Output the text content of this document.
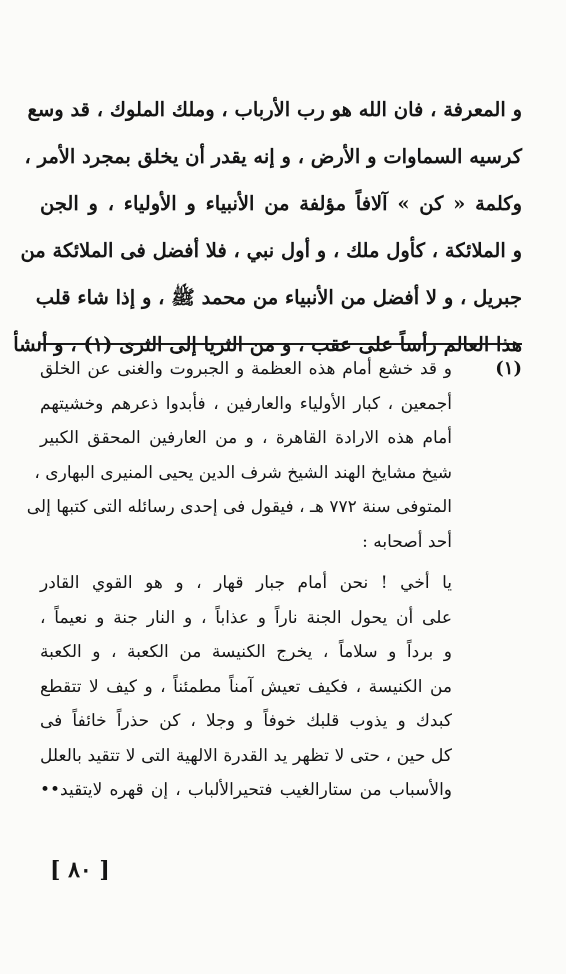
و المعرفة ، فان الله هو رب الأرباب ، وملك الملوك ، قد وسع
كرسيه السماوات و الأرض ، و إنه يقدر أن يخلق بمجرد الأمر ،
وكلمة « كن » آلافاً مؤلفة من الأنبياء و الأولياء ، و الجن
و الملائكة ، كأول ملك ، و أول نبي ، فلا أفضل فى الملائكة من
جبريل ، و لا أفضل من الأنبياء من محمد ﷺ ، و إذا شاء قلب
هذا العالم رأساً على عقب ، و من الثريا إلى الثرى (١) ، و أنشأ
(١)
و قد خشع أمام هذه العظمة و الجبروت والغنى عن الخلق
أجمعين ، كبار الأولياء والعارفين ، فأبدوا ذعرهم وخشيتهم
أمام هذه الارادة القاهرة ، و من العارفين المحقق الكبير
شيخ مشايخ الهند الشيخ شرف الدين يحيى المنيرى البهارى ،
المتوفى سنة ٧٧٢ هـ ، فيقول فى إحدى رسائله التى كتبها إلى
أحد أصحابه :
يا أخي ! نحن أمام جبار قهار ، و هو القوي القادر
على أن يحول الجنة ناراً و عذاباً ، و النار جنة و نعيماً ،
و برداً و سلاماً ، يخرج الكنيسة من الكعبة ، و الكعبة
من الكنيسة ، فكيف تعيش آمناً مطمئناً ، و كيف لا تتقطع
كبدك و يذوب قلبك خوفاً و وجلا ، كن حذراً خائفاً فى
كل حين ، حتى لا تظهر يد القدرة الالهية التى لا تتقيد بالعلل
والأسباب من ستارالغيب فتحيرالألباب ، إن قهره لايتقيد••
[ ٨٠ ]
